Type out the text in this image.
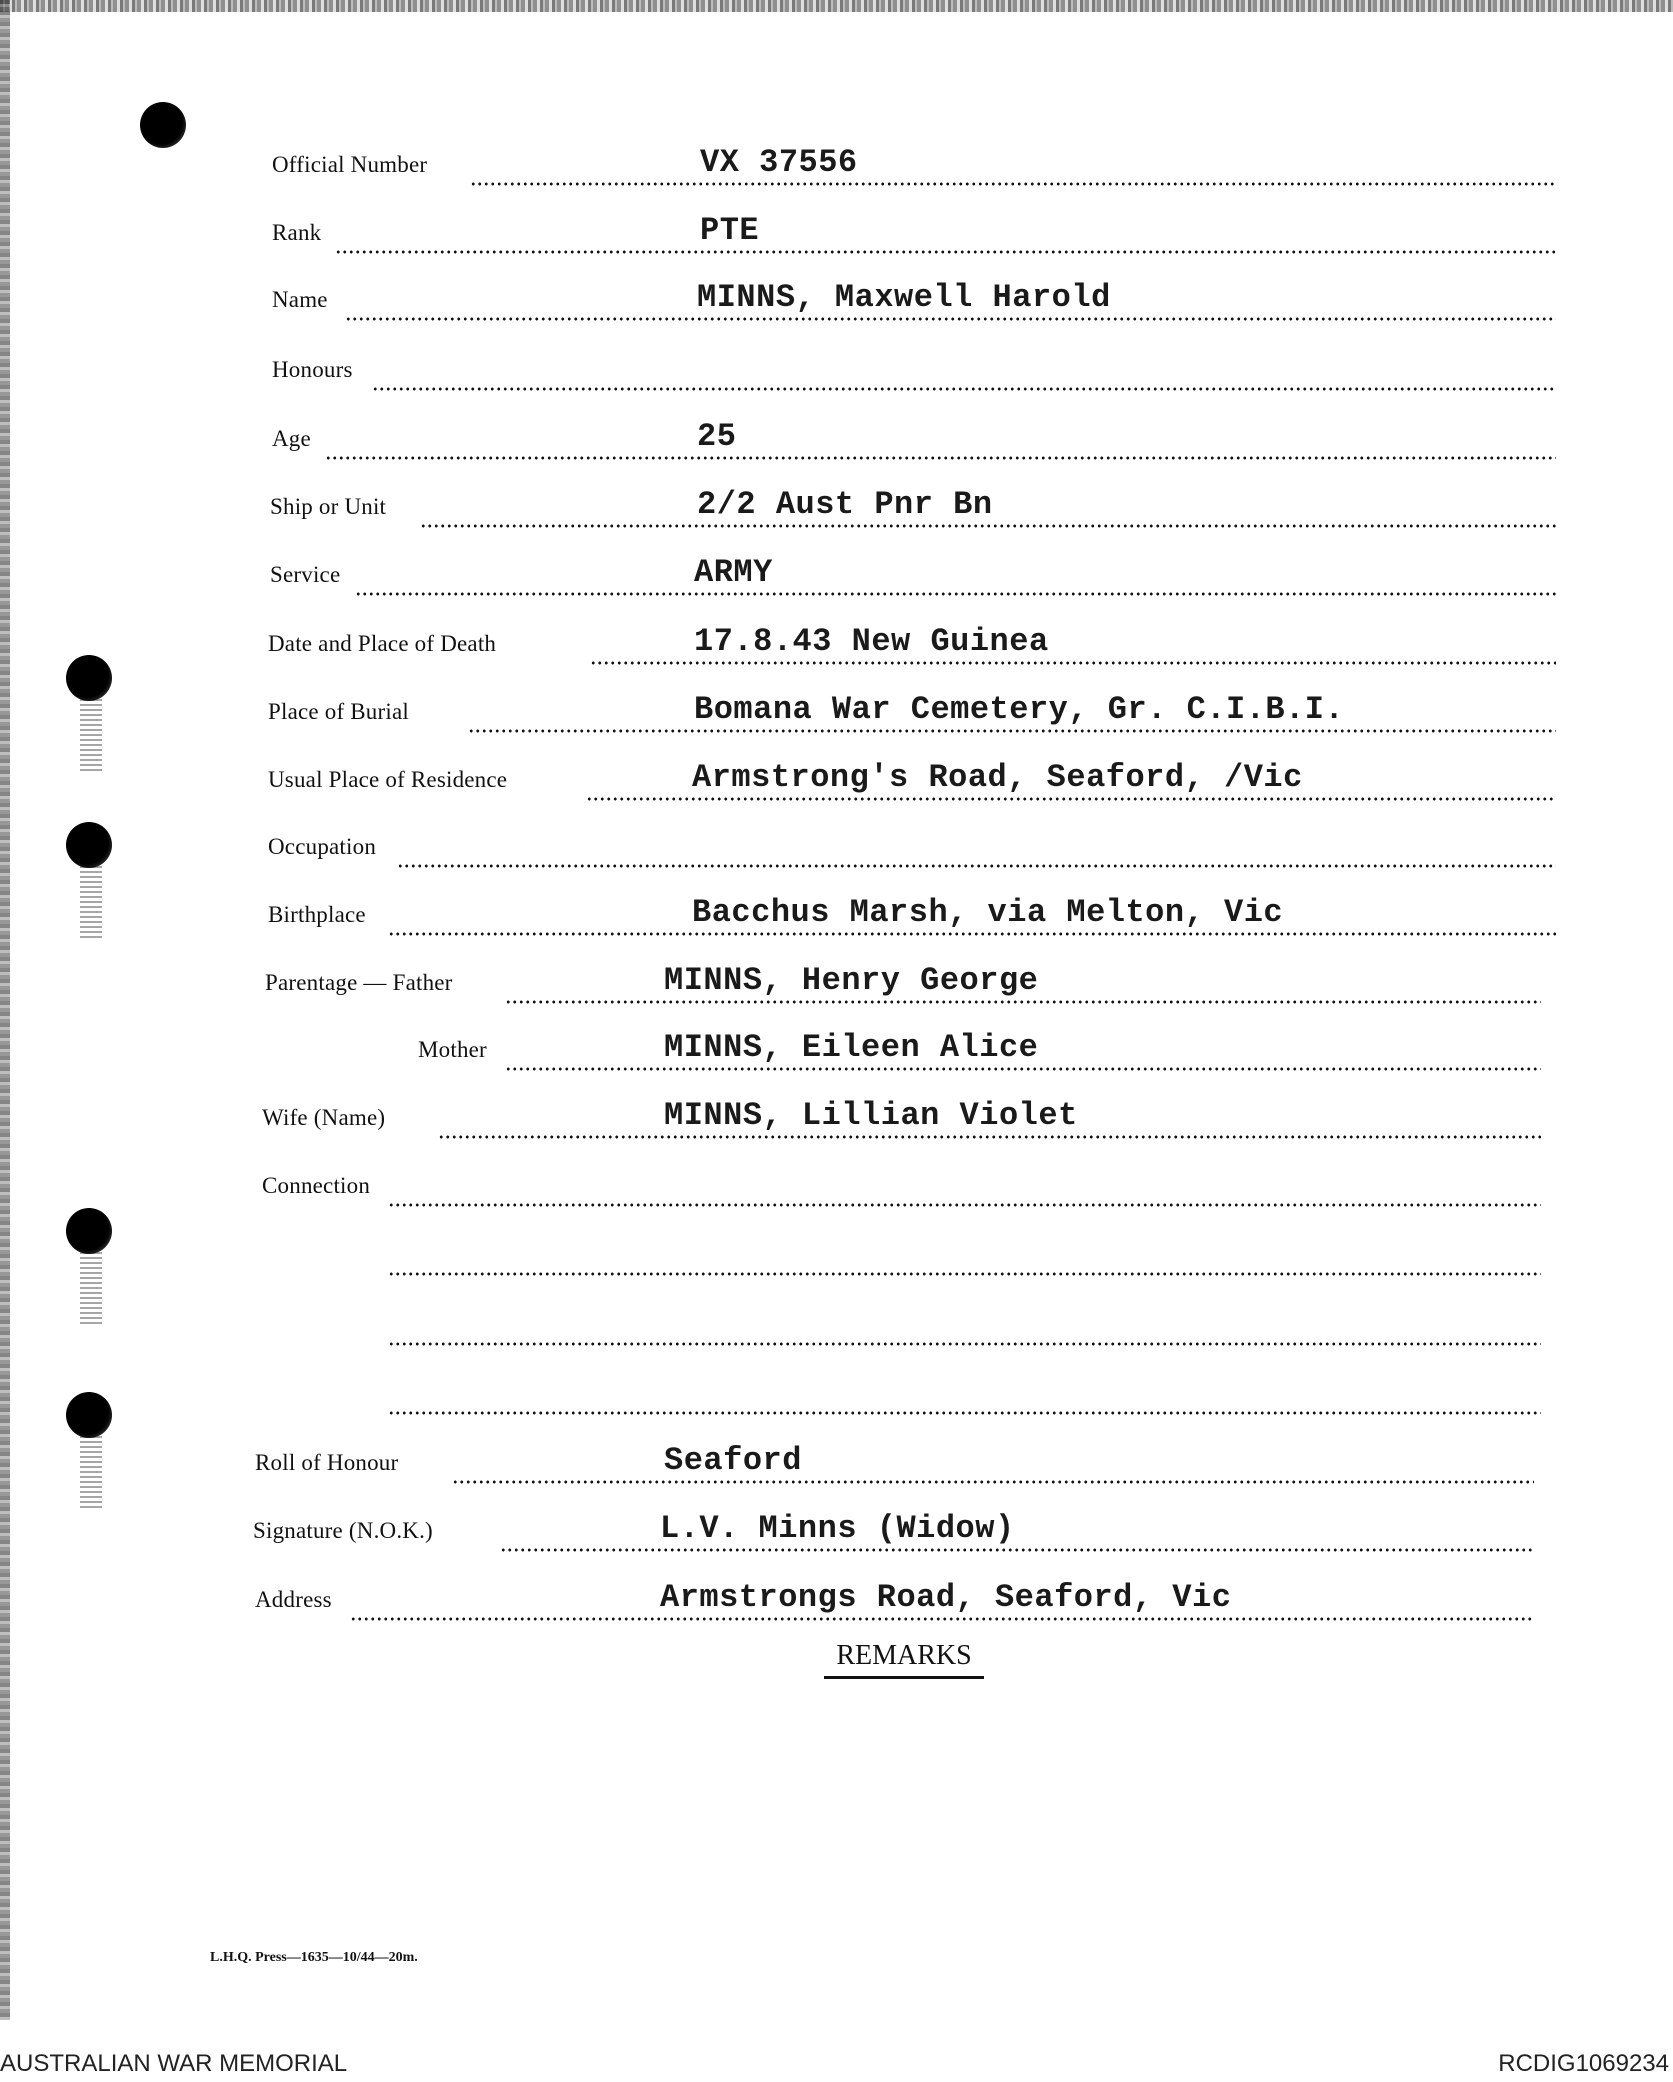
Official Number	VX 37556
Rank	PTE
Name	MINNS, Maxwell Harold
Honours
Age	25
Ship or Unit	2/2 Aust Pnr Bn
Service	ARMY
Date and Place of Death	17.8.43 New Guinea
Place of Burial	Bomana War Cemetery, Gr. C.I.B.I.
Usual Place of Residence	Armstrong's Road, Seaford, /Vic
Occupation
Birthplace	Bacchus Marsh, via Melton, Vic
Parentage — Father	MINNS, Henry George
Mother	MINNS, Eileen Alice
Wife (Name)	MINNS, Lillian Violet
Connection
Roll of Honour	Seaford
Signature (N.O.K.)	L.V. Minns (Widow)
Address	Armstrongs Road, Seaford, Vic
REMARKS
L.H.Q. Press—1635—10/44—20m.
AUSTRALIAN WAR MEMORIAL	RCDIG1069234
